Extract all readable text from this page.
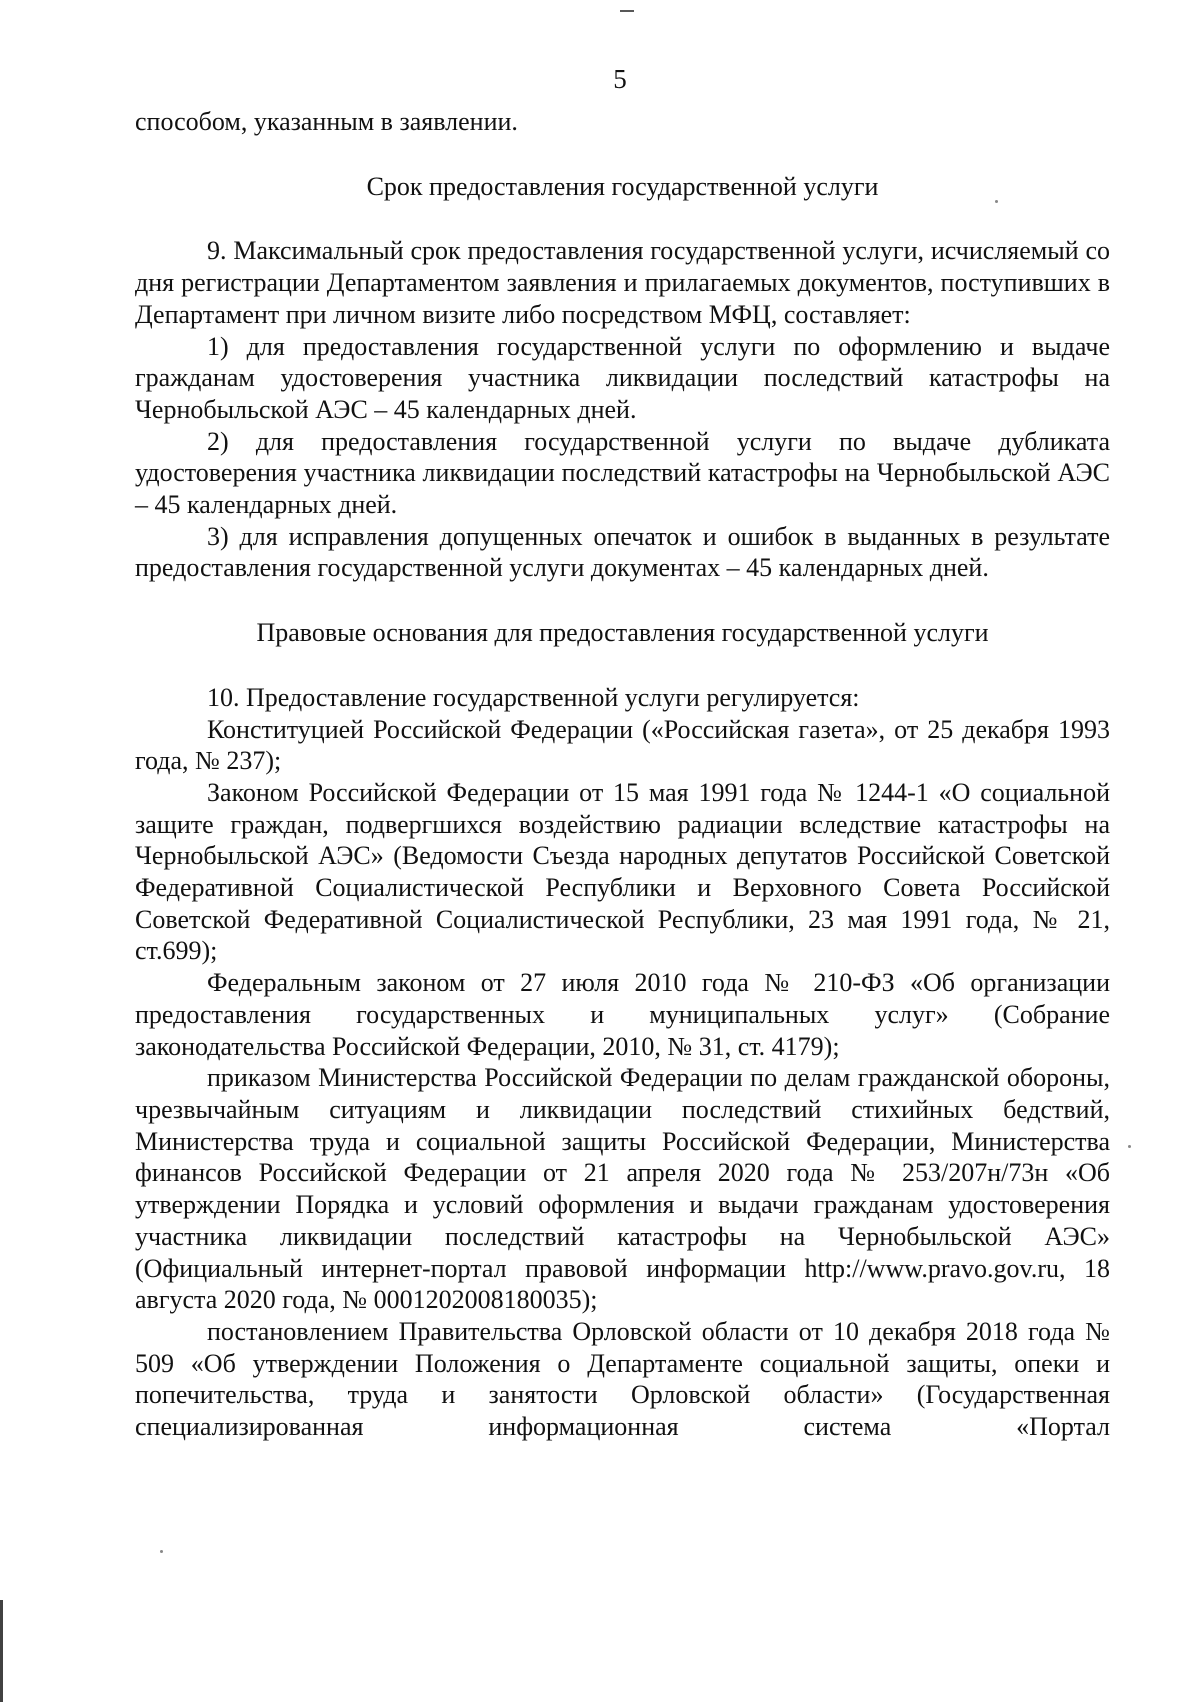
5

способом, указанным в заявлении.

Срок предоставления государственной услуги

9. Максимальный срок предоставления государственной услуги, исчисляемый со дня регистрации Департаментом заявления и прилагаемых документов, поступивших в Департамент при личном визите либо посредством МФЦ, составляет:

1) для предоставления государственной услуги по оформлению и выдаче гражданам удостоверения участника ликвидации последствий катастрофы на Чернобыльской АЭС – 45 календарных дней.

2) для предоставления государственной услуги по выдаче дубликата удостоверения участника ликвидации последствий катастрофы на Чернобыльской АЭС – 45 календарных дней.

3) для исправления допущенных опечаток и ошибок в выданных в результате предоставления государственной услуги документах – 45 календарных дней.

Правовые основания для предоставления государственной услуги

10. Предоставление государственной услуги регулируется:

Конституцией Российской Федерации («Российская газета», от 25 декабря 1993 года, № 237);

Законом Российской Федерации от 15 мая 1991 года № 1244-1 «О социальной защите граждан, подвергшихся воздействию радиации вследствие катастрофы на Чернобыльской АЭС» (Ведомости Съезда народных депутатов Российской Советской Федеративной Социалистической Республики и Верховного Совета Российской Советской Федеративной Социалистической Республики, 23 мая 1991 года, № 21, ст.699);

Федеральным законом от 27 июля 2010 года № 210-ФЗ «Об организации предоставления государственных и муниципальных услуг» (Собрание законодательства Российской Федерации, 2010, № 31, ст. 4179);

приказом Министерства Российской Федерации по делам гражданской обороны, чрезвычайным ситуациям и ликвидации последствий стихийных бедствий, Министерства труда и социальной защиты Российской Федерации, Министерства финансов Российской Федерации от 21 апреля 2020 года № 253/207н/73н «Об утверждении Порядка и условий оформления и выдачи гражданам удостоверения участника ликвидации последствий катастрофы на Чернобыльской АЭС» (Официальный интернет-портал правовой информации http://www.pravo.gov.ru, 18 августа 2020 года, № 0001202008180035);

постановлением Правительства Орловской области от 10 декабря 2018 года № 509 «Об утверждении Положения о Департаменте социальной защиты, опеки и попечительства, труда и занятости Орловской области» (Государственная специализированная информационная система «Портал
